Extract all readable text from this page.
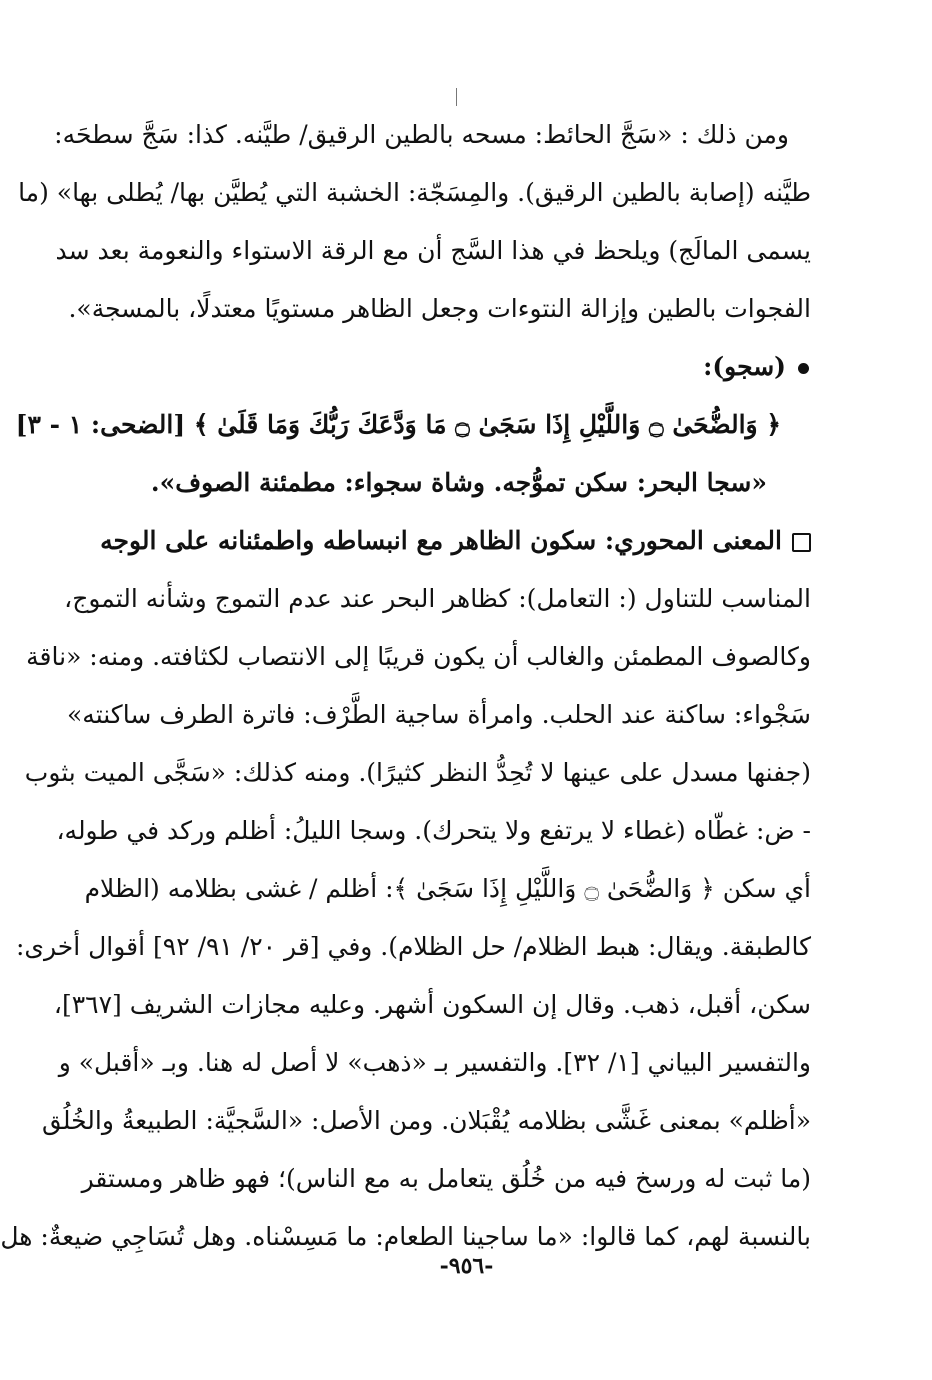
ومن ذلك : «سَجَّ الحائط: مسحه بالطين الرقيق/ طيَّنه. كذا: سَجَّ سطحَه:
طيَّنه (إصابة بالطين الرقيق). والمِسَجّة: الخشبة التي يُطيَّن بها/ يُطلى بها» (ما
يسمى المالَج) ويلحظ في هذا السَّج أن مع الرقة الاستواء والنعومة بعد سد
الفجوات بالطين وإزالة النتوءات وجعل الظاهر مستويًا معتدلًا، بالمسجة».
(سجو):
﴿ وَالضُّحَىٰ ۝ وَاللَّيْلِ إِذَا سَجَىٰ ۝ مَا وَدَّعَكَ رَبُّكَ وَمَا قَلَىٰ ﴾ [الضحى: ١ - ٣]
«سجا البحر: سكن تموُّجه. وشاة سجواء: مطمئنة الصوف».
المعنى المحوري: سكون الظاهر مع انبساطه واطمئنانه على الوجه
المناسب للتناول (: التعامل): كظاهر البحر عند عدم التموج وشأنه التموج،
وكالصوف المطمئن والغالب أن يكون قريبًا إلى الانتصاب لكثافته. ومنه: «ناقة
سَجْواء: ساكنة عند الحلب. وامرأة ساجية الطَّرْف: فاترة الطرف ساكنته»
(جفنها مسدل على عينها لا تُحِدُّ النظر كثيرًا). ومنه كذلك: «سَجَّى الميت بثوب
- ض: غطّاه (غطاء لا يرتفع ولا يتحرك). وسجا الليلُ: أظلم وركد في طوله،
أي سكن ﴿ وَالضُّحَىٰ ۝ وَاللَّيْلِ إِذَا سَجَىٰ ﴾: أظلم / غشى بظلامه (الظلام
كالطبقة. ويقال: هبط الظلام/ حل الظلام). وفي [قر ٢٠/ ٩١/ ٩٢] أقوال أخرى:
سكن، أقبل، ذهب. وقال إن السكون أشهر. وعليه مجازات الشريف [٣٦٧]،
والتفسير البياني [١/ ٣٢]. والتفسير بـ «ذهب» لا أصل له هنا. وبـ «أقبل» و
«أظلم» بمعنى غَشَّى بظلامه يُقْبَلان. ومن الأصل: «السَّجيَّة: الطبيعةُ والخُلُق
(ما ثبت له ورسخ فيه من خُلُق يتعامل به مع الناس)؛ فهو ظاهر ومستقر
بالنسبة لهم، كما قالوا: «ما ساجينا الطعام: ما مَسِسْناه. وهل تُسَاجِي ضيعةٌ: هل
-٩٥٦-
